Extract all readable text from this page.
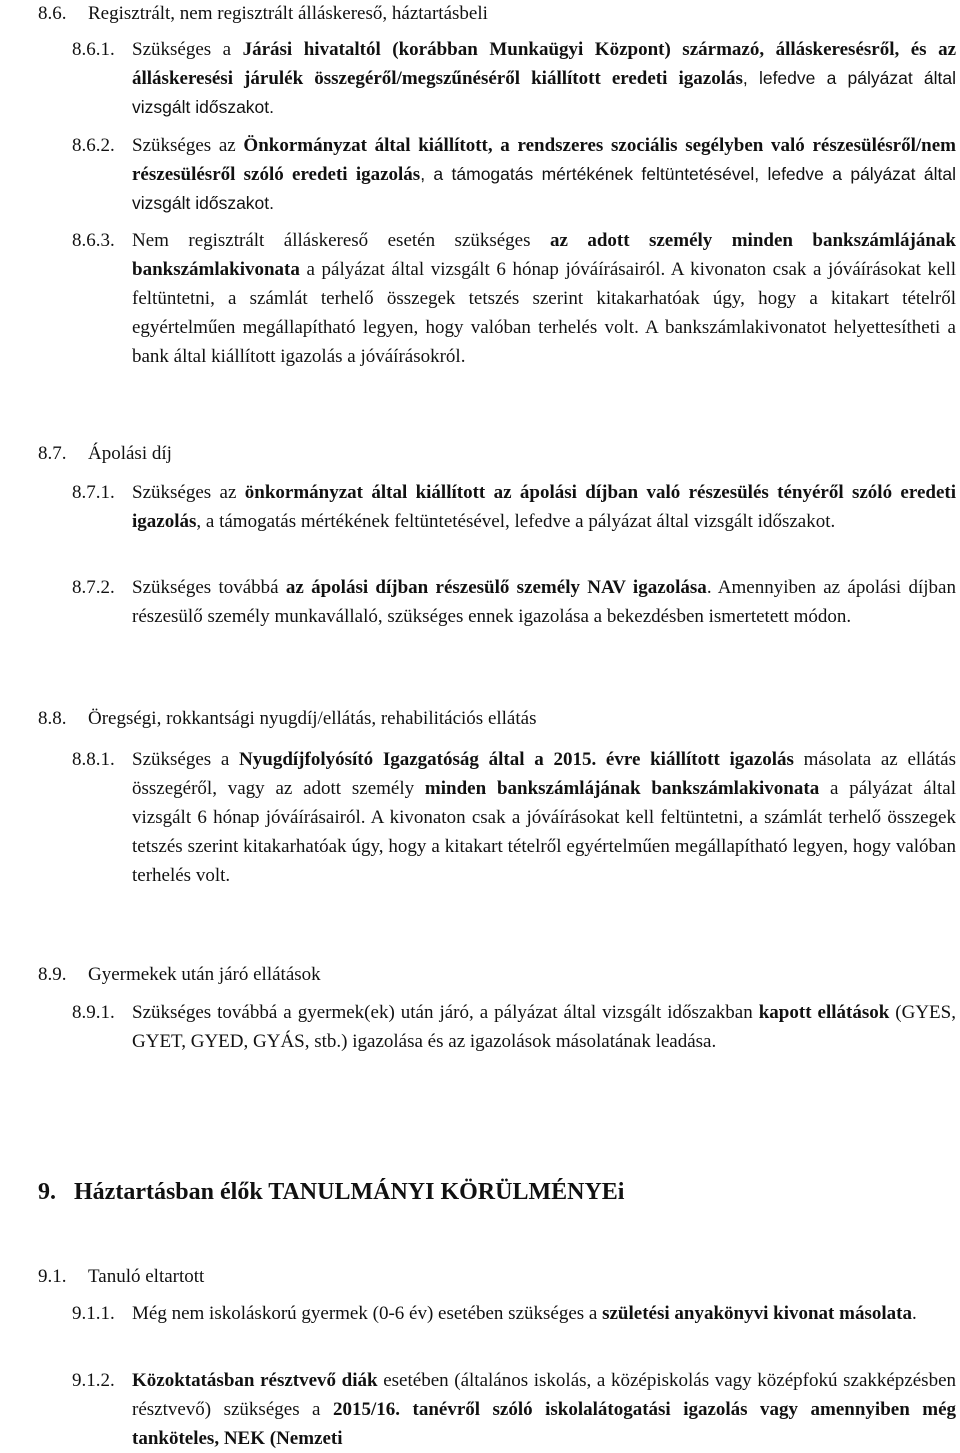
8.6. Regisztrált, nem regisztrált álláskereső, háztartásbeli
8.6.1. Szükséges a Járási hivataltól (korábban Munkaügyi Központ) származó, álláskeresésről, és az álláskeresési járulék összegéről/megszűnéséről kiállított eredeti igazolás, lefedve a pályázat által vizsgált időszakot.
8.6.2. Szükséges az Önkormányzat által kiállított, a rendszeres szociális segélyben való részesülésről/nem részesülésről szóló eredeti igazolás, a támogatás mértékének feltüntetésével, lefedve a pályázat által vizsgált időszakot.
8.6.3. Nem regisztrált álláskereső esetén szükséges az adott személy minden bankszámlájának bankszámlakivonata a pályázat által vizsgált 6 hónap jóváírásairól. A kivonaton csak a jóváírásokat kell feltüntetni, a számlát terhelő összegek tetszés szerint kitakarhatóak úgy, hogy a kitakart tételről egyértelműen megállapítható legyen, hogy valóban terhelés volt. A bankszámlakivonatot helyettesítheti a bank által kiállított igazolás a jóváírásokról.
8.7. Ápolási díj
8.7.1. Szükséges az önkormányzat által kiállított az ápolási díjban való részesülés tényéről szóló eredeti igazolás, a támogatás mértékének feltüntetésével, lefedve a pályázat által vizsgált időszakot.
8.7.2. Szükséges továbbá az ápolási díjban részesülő személy NAV igazolása. Amennyiben az ápolási díjban részesülő személy munkavállaló, szükséges ennek igazolása a bekezdésben ismertetett módon.
8.8. Öregségi, rokkantsági nyugdíj/ellátás, rehabilitációs ellátás
8.8.1. Szükséges a Nyugdíjfolyósító Igazgatóság által a 2015. évre kiállított igazolás másolata az ellátás összegéről, vagy az adott személy minden bankszámlájának bankszámlakivonata a pályázat által vizsgált 6 hónap jóváírásairól. A kivonaton csak a jóváírásokat kell feltüntetni, a számlát terhelő összegek tetszés szerint kitakarhatóak úgy, hogy a kitakart tételről egyértelműen megállapítható legyen, hogy valóban terhelés volt.
8.9. Gyermekek után járó ellátások
8.9.1. Szükséges továbbá a gyermek(ek) után járó, a pályázat által vizsgált időszakban kapott ellátások (GYES, GYET, GYED, GYÁS, stb.) igazolása és az igazolások másolatának leadása.
9. Háztartásban élők TANULMÁNYI KÖRÜLMÉNYEi
9.1. Tanuló eltartott
9.1.1. Még nem iskoláskorú gyermek (0-6 év) esetében szükséges a születési anyakönyvi kivonat másolata.
9.1.2. Közoktatásban résztvevő diák esetében (általános iskolás, a középiskolás vagy középfokú szakképzésben résztvevő) szükséges a 2015/16. tanévről szóló iskolalátogatási igazolás vagy amennyiben még tanköteles, NEK (Nemzeti
